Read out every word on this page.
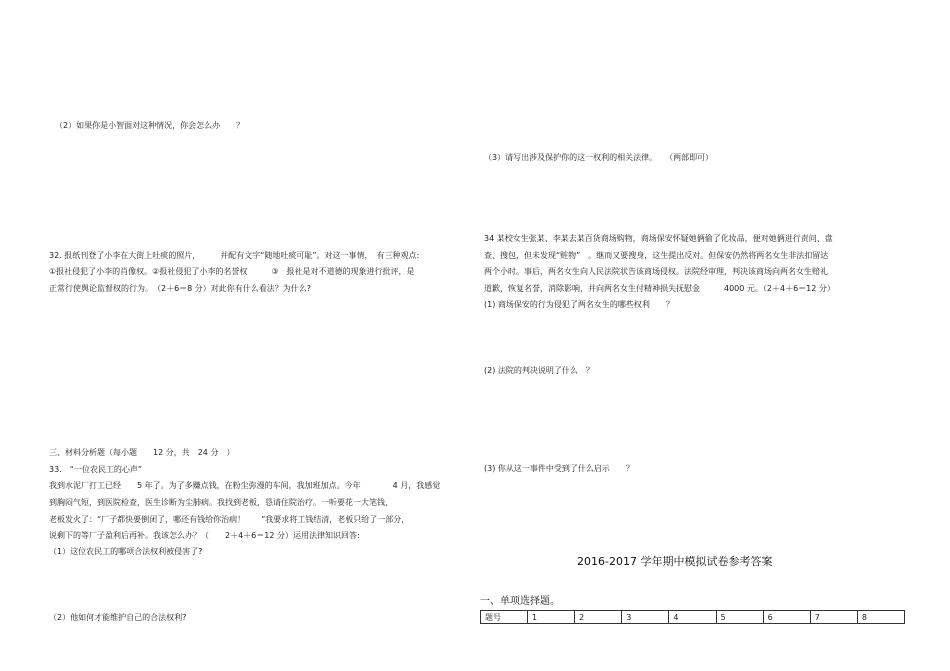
（2）如果你是小智面对这种情况，你会怎么办　　？
32. 报纸刊登了小李在大街上吐痰的照片，　　　并配有文字“随地吐痰可耻”。对这一事情，　有三种观点:
①报社侵犯了小李的肖像权。②报社侵犯了小李的名誉权　　　③　报社是对不道德的现象进行批评，是
正常行使舆论监督权的行为。　（2＋6＝8 分）对此你有什么看法？为什么?
三、材料分析题（每小题　　12 分，共　24 分　）
33.　“一位农民工的心声”
我到水泥厂打工已经　　5 年了。为了多赚点钱，在粉尘弥漫的车间，我加班加点。今年　　　　4 月，我感觉
到胸闷气短，到医院检查，医生诊断为尘肺病。我找到老板，恳请住院治疗。一听要花一大笔钱，
老板发火了：“厂子都快要倒闭了，哪还有钱给你治病！　　”我要求将工钱结清，老板只给了一部分，
说剩下的等厂子盈利后再补。我该怎么办？（　　2＋4＋6＝12 分）运用法律知识回答:
（1）这位农民工的哪项合法权利被侵害了?
（2）他如何才能维护自己的合法权利?
（3）请写出涉及保护你的这一权利的相关法律。　　（两部即可）
34 某校女生张某、李某去某百货商场购物，商场保安怀疑她俩偷了化妆品，便对她俩进行责问、盘
查、搜包，但未发现“赃物”　。继而又要搜身，这生提出反对。但保安仍然将两名女生非法扣留达
两个小时。事后，两名女生向人民法院状告该商场侵权。法院经审理，判决该商场向两名女生赔礼
道歉，恢复名誉，消除影响，并向两名女生付精神损失抚慰金　　　4000 元。（2＋4＋6＝12 分）
(1) 商场保安的行为侵犯了两名女生的哪些权利　　？
(2) 法院的判决说明了什么　？
(3) 你从这一事件中受到了什么启示　　？
2016-2017 学年期中模拟试卷参考答案
一、单项选择题。
题号	1	2	3	4	5	6	7	8
